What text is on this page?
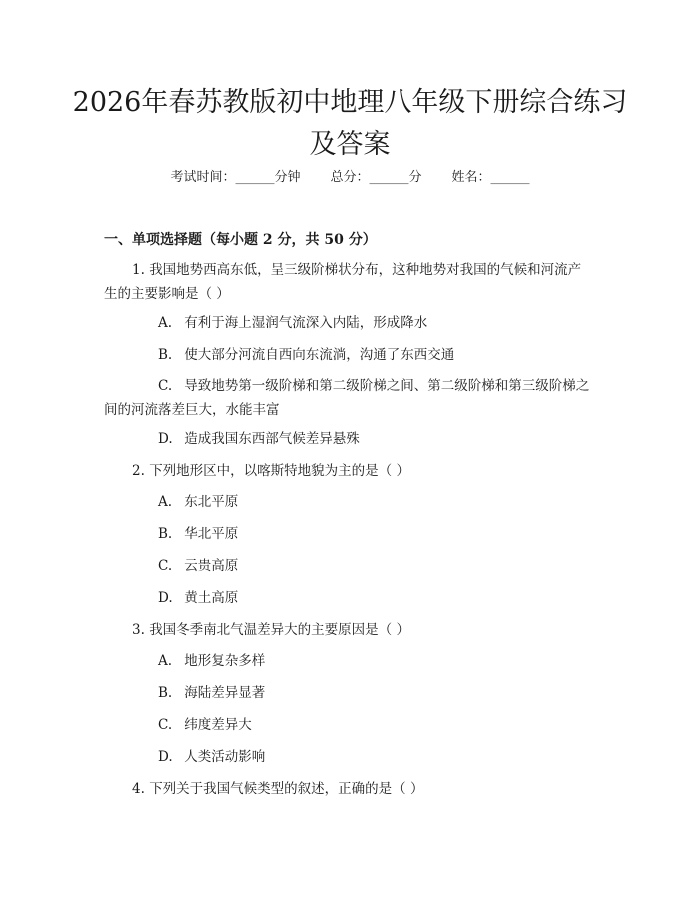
2026年春苏教版初中地理八年级下册综合练习及答案
考试时间：______分钟 总分：______分 姓名：______
一、单项选择题（每小题 2 分，共 50 分）

1. 我国地势西高东低，呈三级阶梯状分布，这种地势对我国的气候和河流产生的主要影响是（ ）

A. 有利于海上湿润气流深入内陆，形成降水

B. 使大部分河流自西向东流淌，沟通了东西交通

C. 导致地势第一级阶梯和第二级阶梯之间、第二级阶梯和第三级阶梯之间的河流落差巨大，水能丰富

D. 造成我国东西部气候差异悬殊

2. 下列地形区中，以喀斯特地貌为主的是（ ）

A. 东北平原

B. 华北平原

C. 云贵高原

D. 黄土高原

3. 我国冬季南北气温差异大的主要原因是（ ）

A. 地形复杂多样

B. 海陆差异显著

C. 纬度差异大

D. 人类活动影响

4. 下列关于我国气候类型的叙述，正确的是（ ）
